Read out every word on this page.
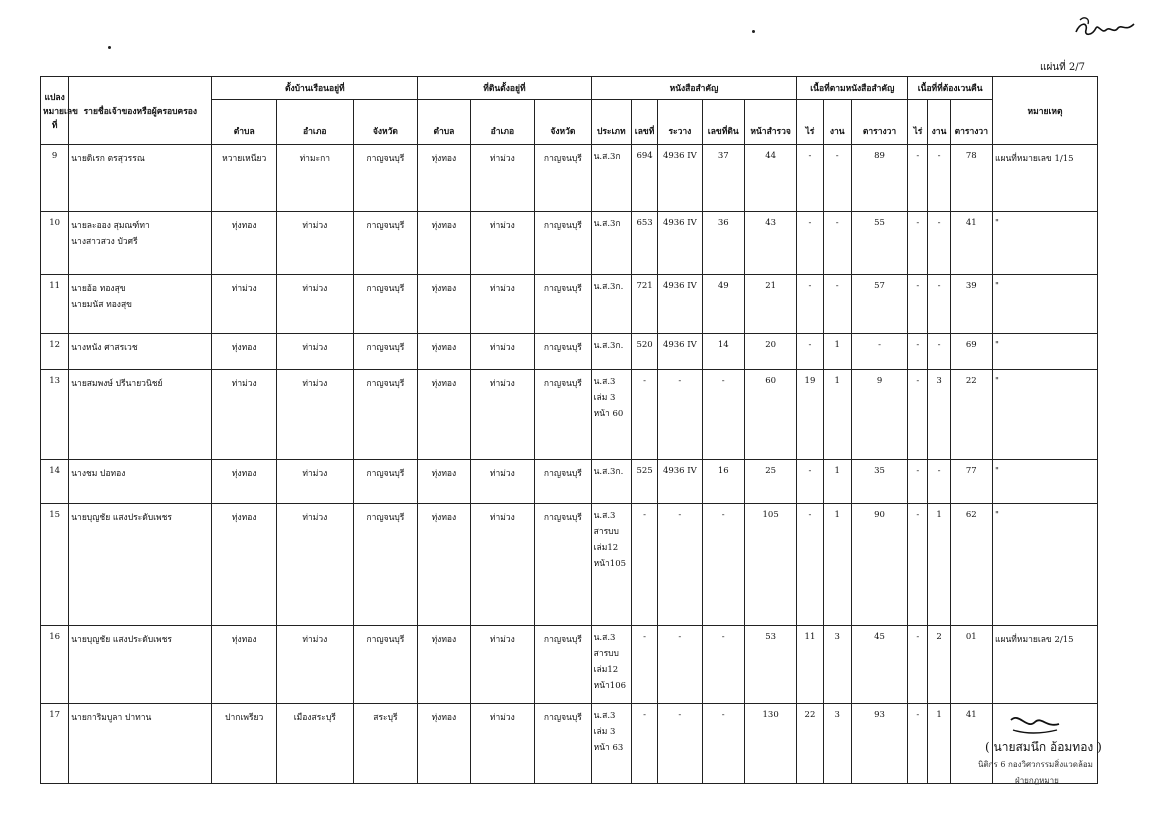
แผ่นที่ 2/7
แปลงหมายเลขที่	รายชื่อเจ้าของหรือผู้ครอบครอง	ตั้งบ้านเรือนอยู่ที่			ที่ดินตั้งอยู่ที่			หนังสือสำคัญ					เนื้อที่ตามหนังสือสำคัญ			เนื้อที่ที่ต้องเวนคืน			หมายเหตุ
		ตำบล	อำเภอ	จังหวัด	ตำบล	อำเภอ	จังหวัด	ประเภท	เลขที่	ระวาง	เลขที่ดิน	หน้าสำรวจ	ไร่	งาน	ตารางวา	ไร่	งาน	ตารางวา	
9	นายดิเรก ตรสุวรรณ	หวายเหนียว	ท่ามะกา	กาญจนบุรี	ทุ่งทอง	ท่าม่วง	กาญจนบุรี	น.ส.3ก	694	4936 IV	37	44	-	-	89	-	-	78	แผนที่หมายเลข 1/15
10	นายละออง สุมณฑ์ทา
นางสาวสวง บัวศรี	ทุ่งทอง	ท่าม่วง	กาญจนบุรี	ทุ่งทอง	ท่าม่วง	กาญจนบุรี	น.ส.3ก	653	4936 IV	36	43	-	-	55	-	-	41	"
11	นายอ้อ ทองสุข
นายมนัส ทองสุข	ท่าม่วง	ท่าม่วง	กาญจนบุรี	ทุ่งทอง	ท่าม่วง	กาญจนบุรี	น.ส.3ก.	721	4936 IV	49	21	-	-	57	-	-	39	"
12	นางหนัง ศาสรเวช	ทุ่งทอง	ท่าม่วง	กาญจนบุรี	ทุ่งทอง	ท่าม่วง	กาญจนบุรี	น.ส.3ก.	520	4936 IV	14	20	-	1	-	-	-	69	"
13	นายสมพงษ์ ปรีนายวนิชย์	ท่าม่วง	ท่าม่วง	กาญจนบุรี	ทุ่งทอง	ท่าม่วง	กาญจนบุรี	น.ส.3
เล่ม 3
หน้า 60	-	-	-	60	19	1	9	-	3	22	"
14	นางชม ปอทอง	ทุ่งทอง	ท่าม่วง	กาญจนบุรี	ทุ่งทอง	ท่าม่วง	กาญจนบุรี	น.ส.3ก.	525	4936 IV	16	25	-	1	35	-	-	77	"
15	นายบุญชัย แสงประดับเพชร	ทุ่งทอง	ท่าม่วง	กาญจนบุรี	ทุ่งทอง	ท่าม่วง	กาญจนบุรี	น.ส.3
สารบบ
เล่ม12
หน้า105	-	-	-	105	-	1	90	-	1	62	"
16	นายบุญชัย แสงประดับเพชร	ทุ่งทอง	ท่าม่วง	กาญจนบุรี	ทุ่งทอง	ท่าม่วง	กาญจนบุรี	น.ส.3
สารบบ
เล่ม12
หน้า106	-	-	-	53	11	3	45	-	2	01	แผนที่หมายเลข 2/15
17	นายการิมบูลา ปาทาน	ปากเพรียว	เมืองสระบุรี	สระบุรี	ทุ่งทอง	ท่าม่วง	กาญจนบุรี	น.ส.3
เล่ม 3
หน้า 63	-	-	-	130	22	3	93	-	1	41	
( นายสมนึก อ้อมทอง )
นิติกร 6 กองวิศวกรรมสิ่งแวดล้อม
ฝ่ายกฎหมาย
